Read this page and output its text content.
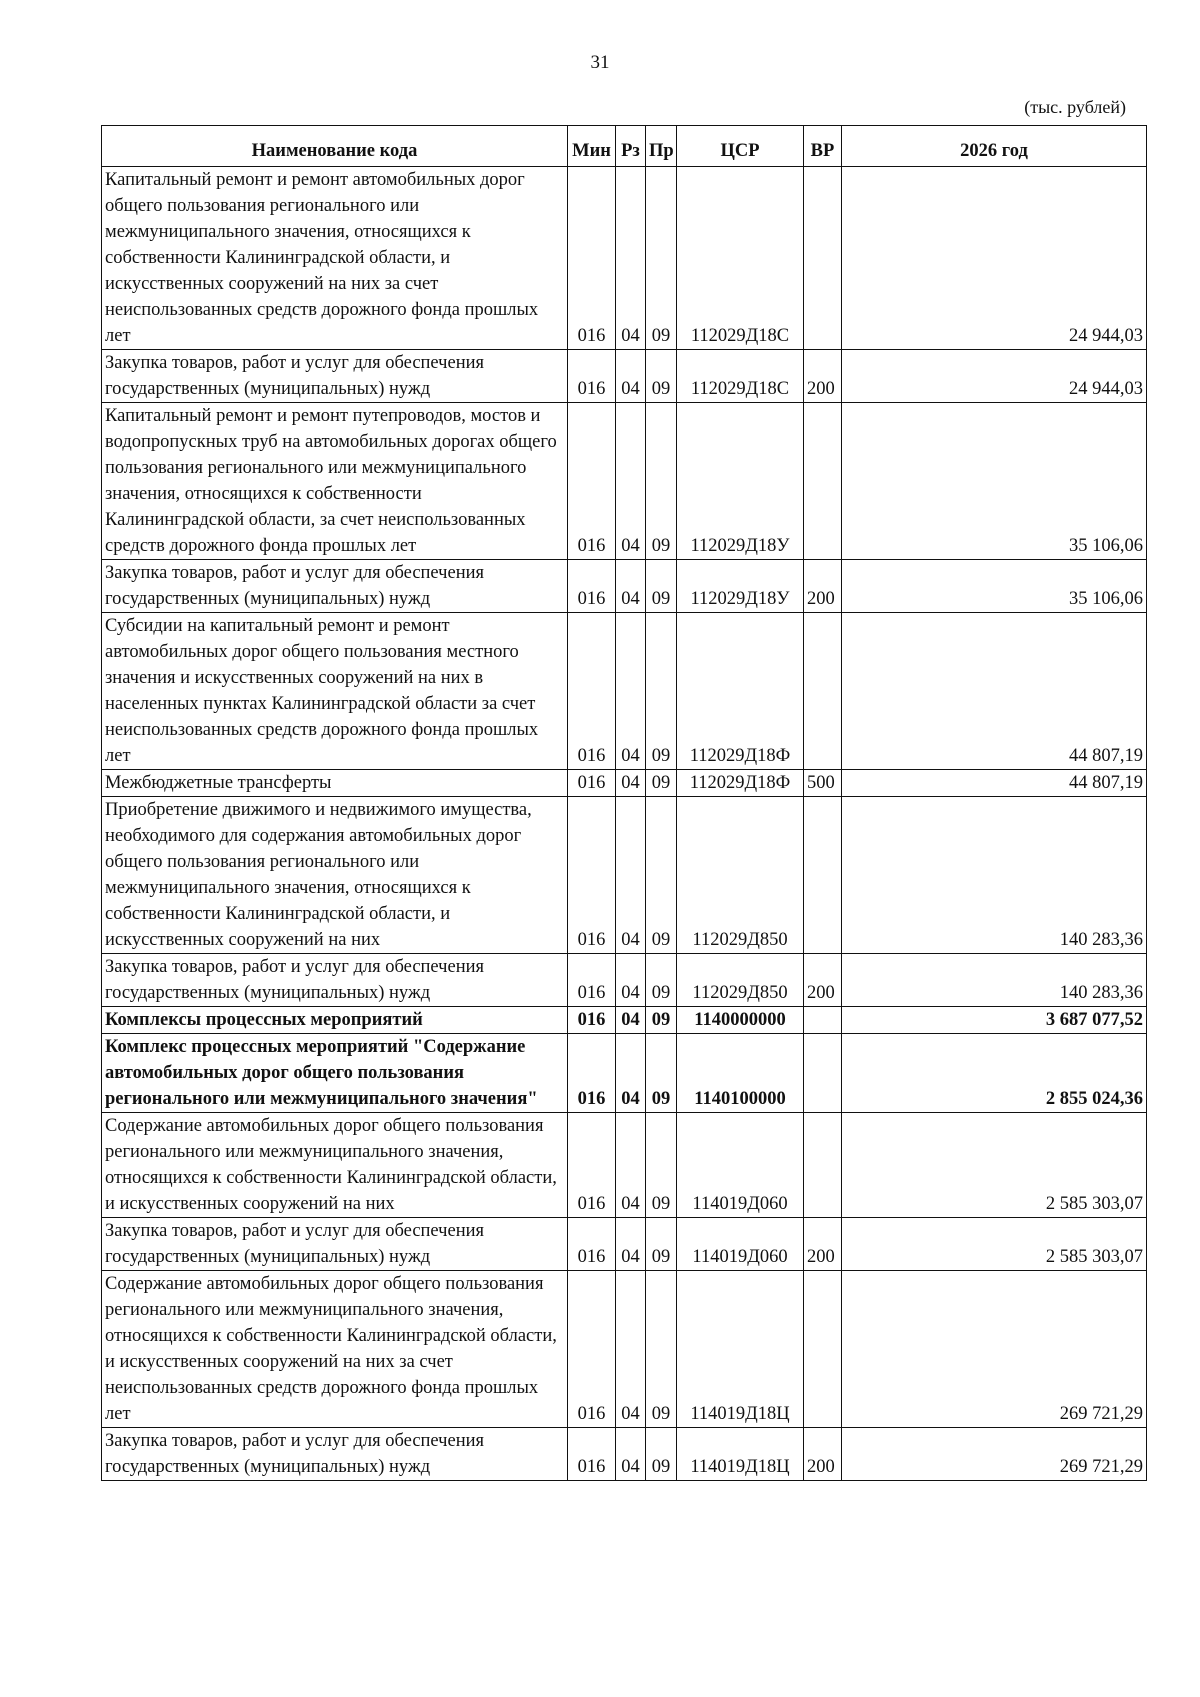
31
(тыс. рублей)
Наименование кода	Мин	Рз	Пр	ЦСР	ВР	2026 год
Капитальный ремонт и ремонт автомобильных дорог общего пользования регионального или межмуниципального значения, относящихся к собственности Калининградской области, и искусственных сооружений на них за счет неиспользованных средств дорожного фонда прошлых лет	016	04	09	112029Д18С		24 944,03
Закупка товаров, работ и услуг для обеспечения государственных (муниципальных) нужд	016	04	09	112029Д18С	200	24 944,03
Капитальный ремонт и ремонт путепроводов, мостов и водопропускных труб на автомобильных дорогах общего пользования регионального или межмуниципального значения, относящихся к собственности Калининградской области, за счет неиспользованных средств дорожного фонда прошлых лет	016	04	09	112029Д18У		35 106,06
Закупка товаров, работ и услуг для обеспечения государственных (муниципальных) нужд	016	04	09	112029Д18У	200	35 106,06
Субсидии на капитальный ремонт и ремонт автомобильных дорог общего пользования местного значения и искусственных сооружений на них в населенных пунктах Калининградской области за счет неиспользованных средств дорожного фонда прошлых лет	016	04	09	112029Д18Ф		44 807,19
Межбюджетные трансферты	016	04	09	112029Д18Ф	500	44 807,19
Приобретение движимого и недвижимого имущества, необходимого для содержания автомобильных дорог общего пользования регионального или межмуниципального значения, относящихся к собственности Калининградской области, и искусственных сооружений на них	016	04	09	112029Д850		140 283,36
Закупка товаров, работ и услуг для обеспечения государственных (муниципальных) нужд	016	04	09	112029Д850	200	140 283,36
Комплексы процессных мероприятий	016	04	09	1140000000		3 687 077,52
Комплекс процессных мероприятий "Содержание автомобильных дорог общего пользования регионального или межмуниципального значения"	016	04	09	1140100000		2 855 024,36
Содержание автомобильных дорог общего пользования регионального или межмуниципального значения, относящихся к собственности Калининградской области, и искусственных сооружений на них	016	04	09	114019Д060		2 585 303,07
Закупка товаров, работ и услуг для обеспечения государственных (муниципальных) нужд	016	04	09	114019Д060	200	2 585 303,07
Содержание автомобильных дорог общего пользования регионального или межмуниципального значения, относящихся к собственности Калининградской области, и искусственных сооружений на них за счет неиспользованных средств дорожного фонда прошлых лет	016	04	09	114019Д18Ц		269 721,29
Закупка товаров, работ и услуг для обеспечения государственных (муниципальных) нужд	016	04	09	114019Д18Ц	200	269 721,29
